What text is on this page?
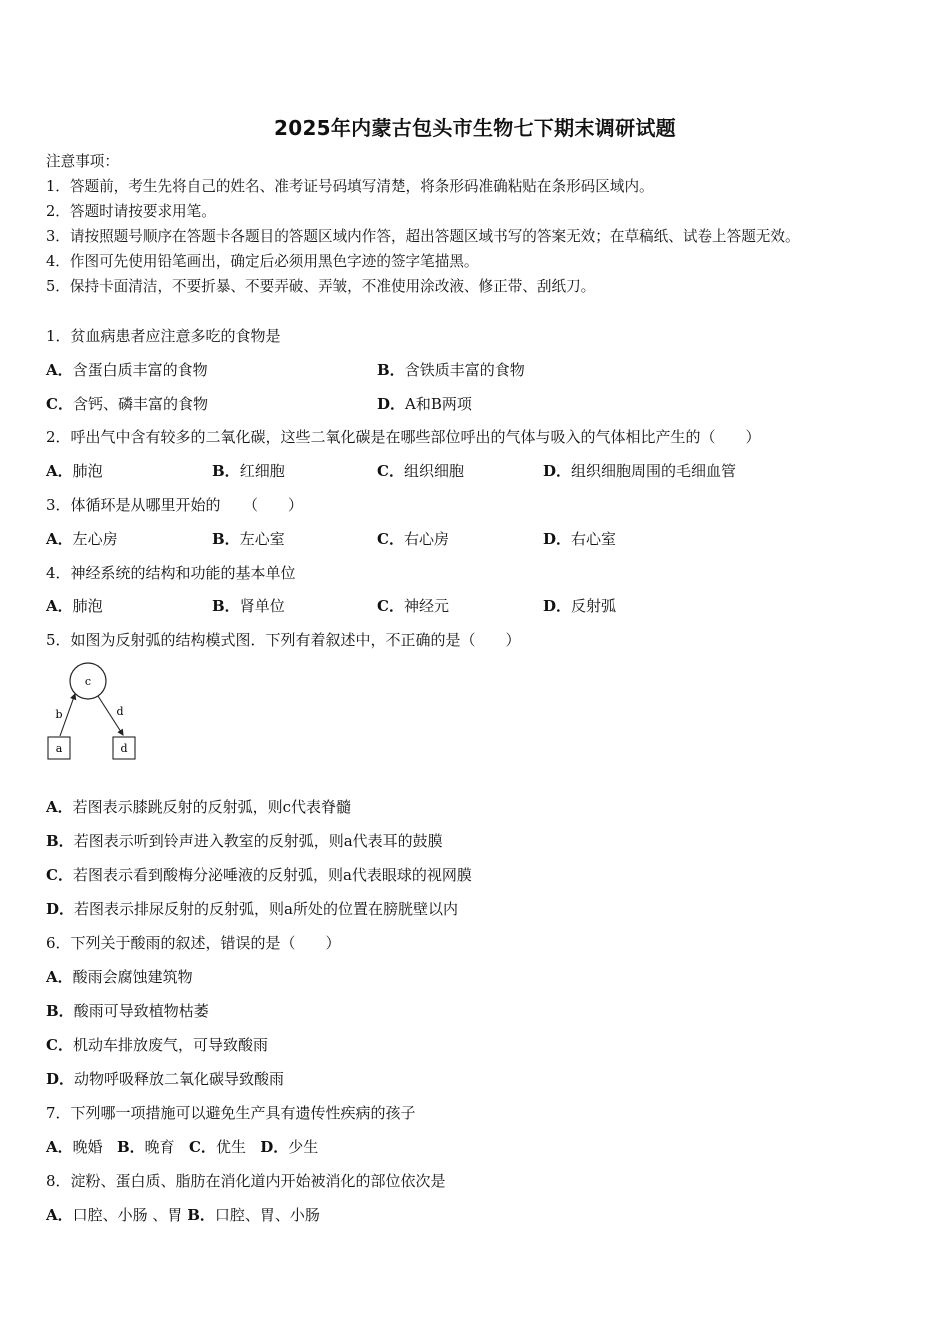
2025年内蒙古包头市生物七下期末调研试题
注意事项：
1．答题前，考生先将自己的姓名、准考证号码填写清楚，将条形码准确粘贴在条形码区域内。
2．答题时请按要求用笔。
3．请按照题号顺序在答题卡各题目的答题区域内作答，超出答题区域书写的答案无效；在草稿纸、试卷上答题无效。
4．作图可先使用铅笔画出，确定后必须用黑色字迹的签字笔描黑。
5．保持卡面清洁，不要折暴、不要弄破、弄皱，不准使用涂改液、修正带、刮纸刀。
1．贫血病患者应注意多吃的食物是
A．含蛋白质丰富的食物	B．含铁质丰富的食物
C．含钙、磷丰富的食物	D．A和B两项
2．呼出气中含有较多的二氧化碳，这些二氧化碳是在哪些部位呼出的气体与吸入的气体相比产生的（　　）
A．肺泡	B．红细胞	C．组织细胞	D．组织细胞周围的毛细血管
3．体循环是从哪里开始的　　（　　）
A．左心房	B．左心室	C．右心房	D．右心室
4．神经系统的结构和功能的基本单位
A．肺泡	B．肾单位	C．神经元	D．反射弧
5．如图为反射弧的结构模式图．下列有着叙述中，不正确的是（　　）
c
b	d
a	d
A．若图表示膝跳反射的反射弧，则c代表脊髓
B．若图表示听到铃声进入教室的反射弧，则a代表耳的鼓膜
C．若图表示看到酸梅分泌唾液的反射弧，则a代表眼球的视网膜
D．若图表示排尿反射的反射弧，则a所处的位置在膀胱壁以内
6．下列关于酸雨的叙述，错误的是（　　）
A．酸雨会腐蚀建筑物
B．酸雨可导致植物枯萎
C．机动车排放废气，可导致酸雨
D．动物呼吸释放二氧化碳导致酸雨
7．下列哪一项措施可以避免生产具有遗传性疾病的孩子
A．晚婚 B．晚育 C．优生 D．少生
8．淀粉、蛋白质、脂肪在消化道内开始被消化的部位依次是
A．口腔、小肠 、胃 B．口腔、胃、小肠
